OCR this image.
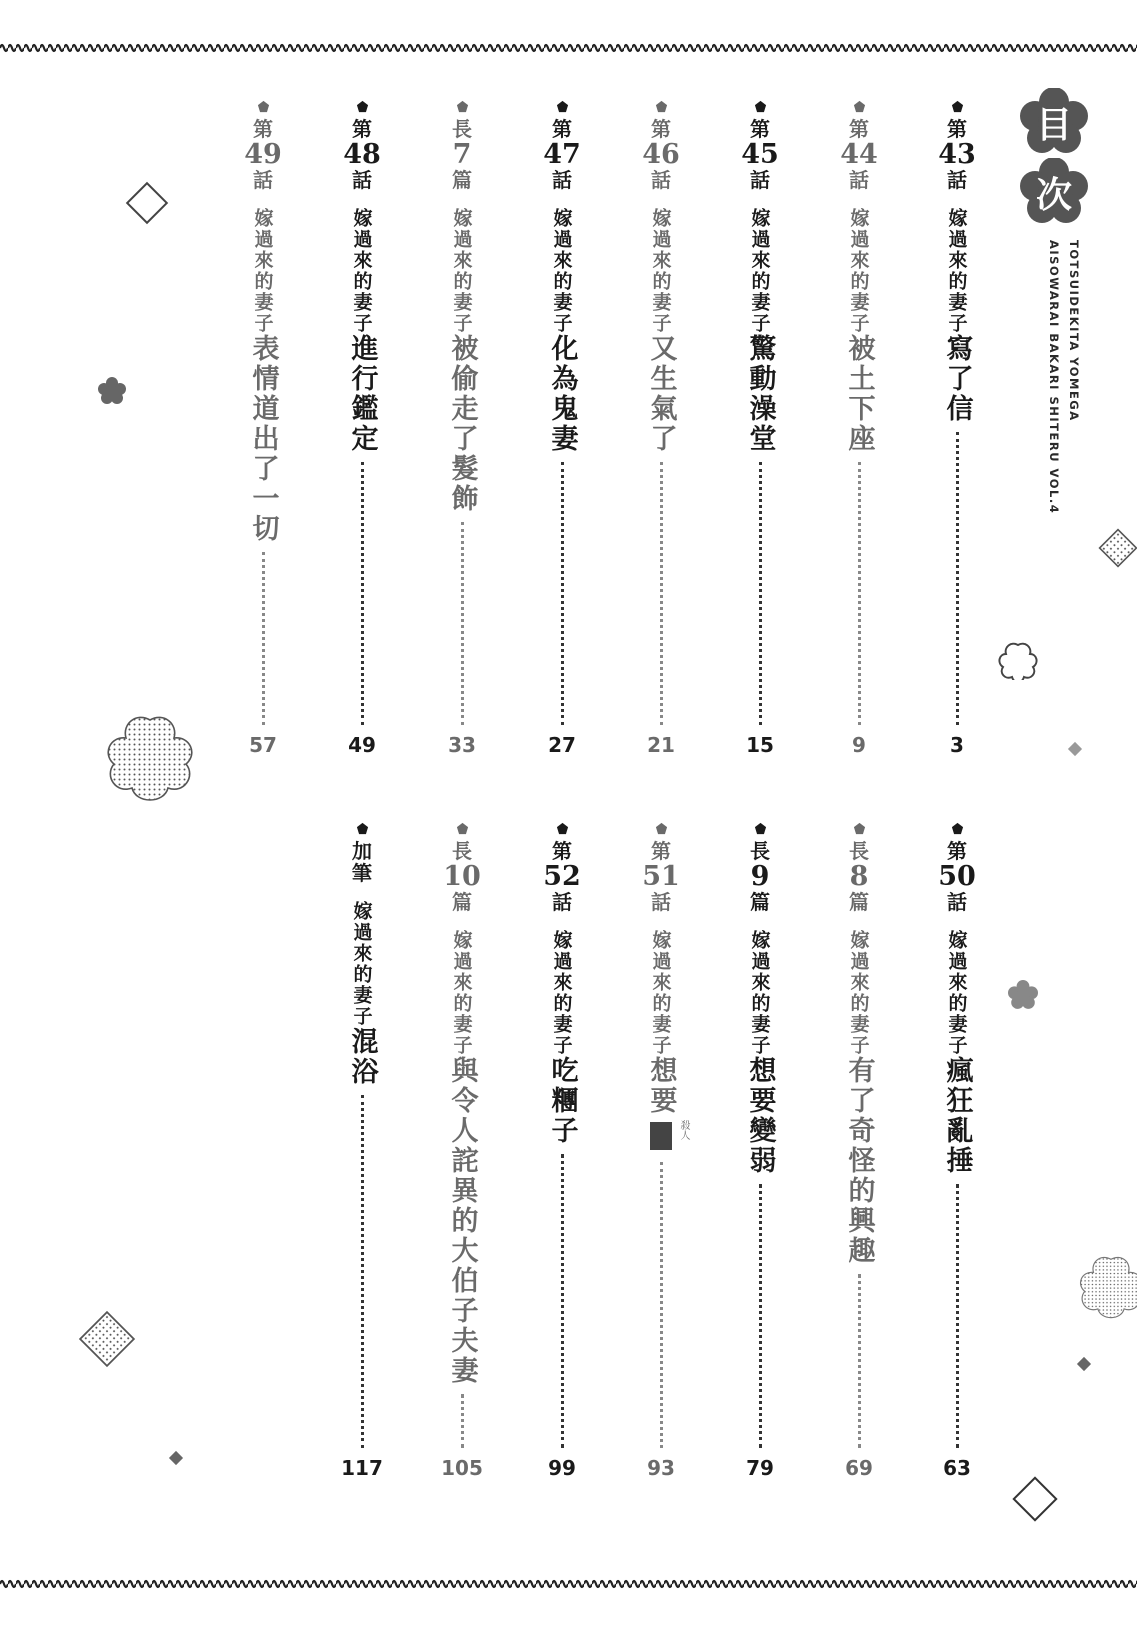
目
次
TOTSUIDEKITA YOMEGA
AISOWARAI BAKARI SHITERU VOL.4
第
43
話
嫁過來的妻子寫了信
3
第
44
話
嫁過來的妻子被土下座
9
第
45
話
嫁過來的妻子驚動澡堂
15
第
46
話
嫁過來的妻子又生氣了
21
第
47
話
嫁過來的妻子化為鬼妻
27
長
7
篇
嫁過來的妻子被偷走了髮飾
33
第
48
話
嫁過來的妻子進行鑑定
49
第
49
話
嫁過來的妻子表情道出了一切
57
第
50
話
嫁過來的妻子瘋狂亂捶
63
長
8
篇
嫁過來的妻子有了奇怪的興趣
69
長
9
篇
嫁過來的妻子想要變弱
79
第
51
話
嫁過來的妻子想要
殺人
93
第
52
話
嫁過來的妻子吃糰子
99
長
10
篇
嫁過來的妻子與令人詫異的大伯子夫妻
105
加
筆
嫁過來的妻子混浴
117
